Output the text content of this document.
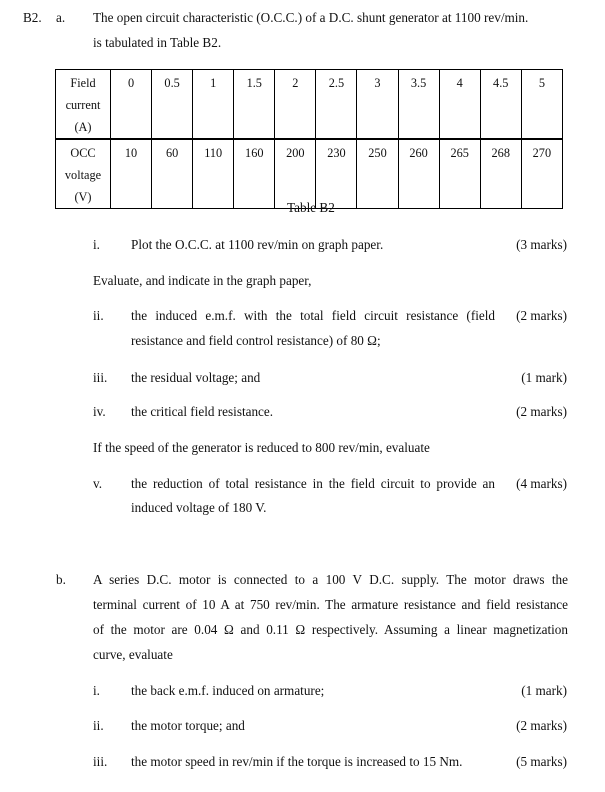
B2. a. The open circuit characteristic (O.C.C.) of a D.C. shunt generator at 1100 rev/min.
is tabulated in Table B2.
Field
current
(A)	0	0.5	1	1.5	2	2.5	3	3.5	4	4.5	5

OCC
voltage
(V)	10	60	110	160	200	230	250	260	265	268	270
Table B2
i. Plot the O.C.C. at 1100 rev/min on graph paper.	(3 marks)
Evaluate, and indicate in the graph paper,
ii. the induced e.m.f. with the total field circuit resistance (field
resistance and field control resistance) of 80 Ω;
(2 marks)
iii. the residual voltage; and	(1 mark)
iv. the critical field resistance.	(2 marks)
If the speed of the generator is reduced to 800 rev/min, evaluate
v. the reduction of total resistance in the field circuit to provide an
induced voltage of 180 V.
(4 marks)
b. A series D.C. motor is connected to a 100 V D.C. supply. The motor draws the
terminal current of 10 A at 750 rev/min. The armature resistance and field resistance
of the motor are 0.04 Ω and 0.11 Ω respectively. Assuming a linear magnetization
curve, evaluate
i. the back e.m.f. induced on armature;	(1 mark)
ii. the motor torque; and	(2 marks)
iii. the motor speed in rev/min if the torque is increased to 15 Nm.	(5 marks)
